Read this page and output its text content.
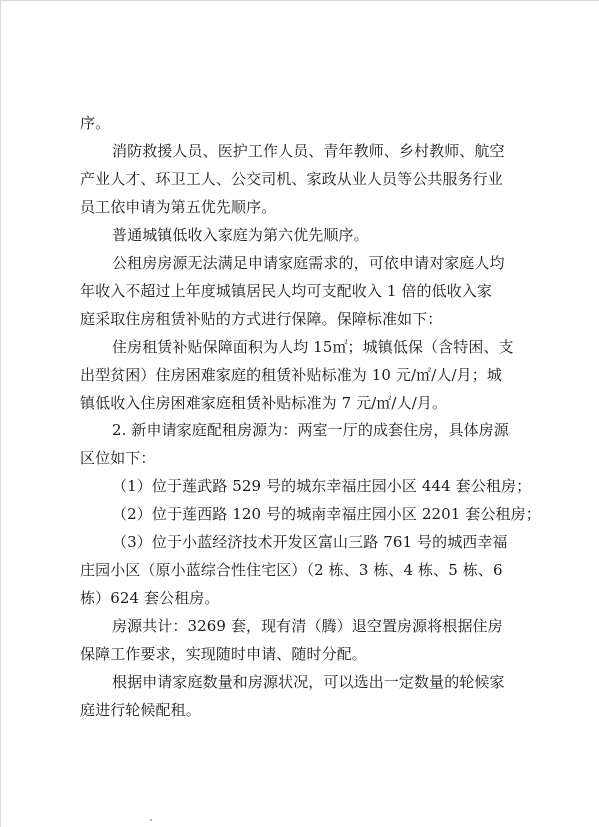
序。
消防救援人员、医护工作人员、青年教师、乡村教师、航空
产业人才、环卫工人、公交司机、家政从业人员等公共服务行业
员工依申请为第五优先顺序。
普通城镇低收入家庭为第六优先顺序。
公租房房源无法满足申请家庭需求的，可依申请对家庭人均
年收入不超过上年度城镇居民人均可支配收入 1 倍的低收入家
庭采取住房租赁补贴的方式进行保障。保障标准如下：
住房租赁补贴保障面积为人均 15㎡；城镇低保（含特困、支
出型贫困）住房困难家庭的租赁补贴标准为 10 元/㎡/人/月；城
镇低收入住房困难家庭租赁补贴标准为 7 元/㎡/人/月。
2. 新申请家庭配租房源为：两室一厅的成套住房，具体房源
区位如下：
（1）位于莲武路 529 号的城东幸福庄园小区 444 套公租房；
（2）位于莲西路 120 号的城南幸福庄园小区 2201 套公租房；
（3）位于小蓝经济技术开发区富山三路 761 号的城西幸福
庄园小区（原小蓝综合性住宅区）（2 栋、3 栋、4 栋、5 栋、6
栋）624 套公租房。
房源共计：3269 套，现有清（腾）退空置房源将根据住房
保障工作要求，实现随时申请、随时分配。
根据申请家庭数量和房源状况，可以选出一定数量的轮候家
庭进行轮候配租。
